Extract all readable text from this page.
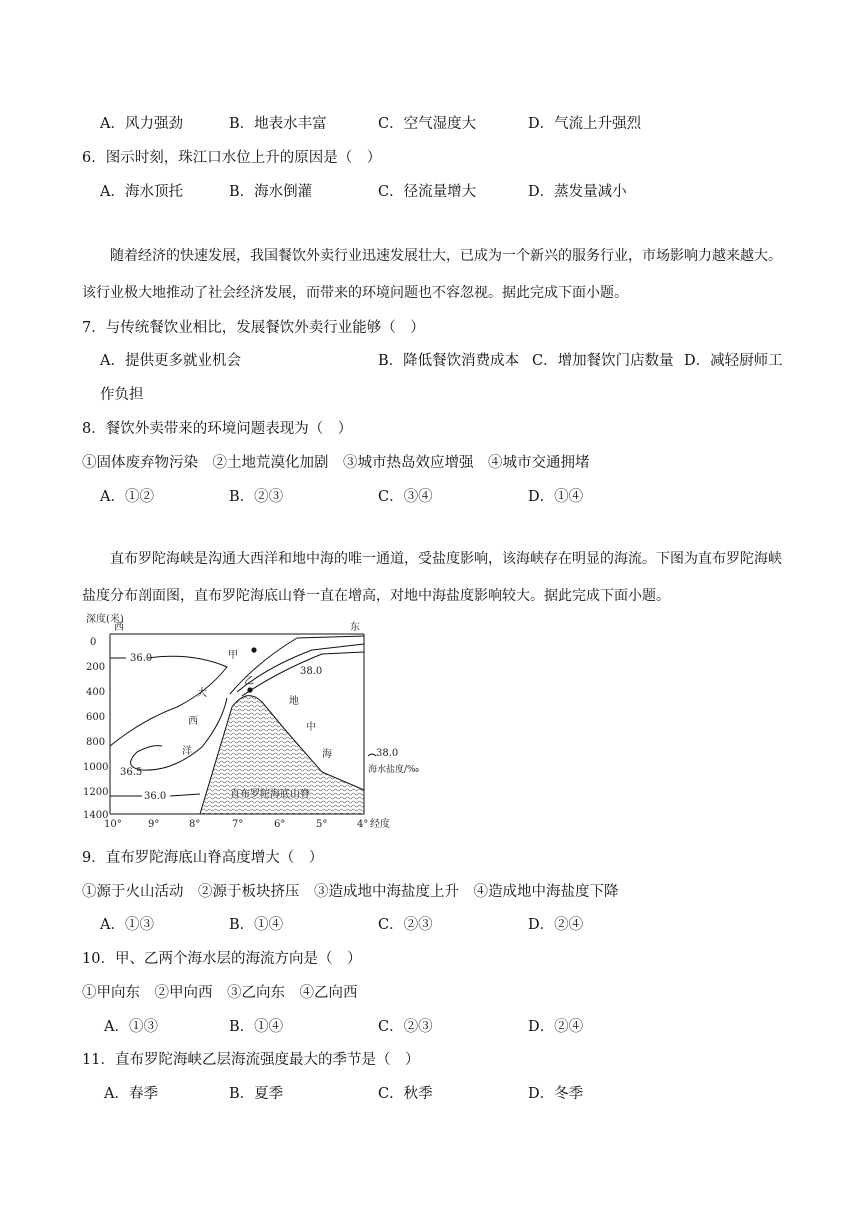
A．风力强劲	B．地表水丰富	C．空气湿度大	D．气流上升强烈
6．图示时刻，珠江口水位上升的原因是（　）
A．海水顶托	B．海水倒灌	C．径流量增大	D．蒸发量减小
随着经济的快速发展，我国餐饮外卖行业迅速发展壮大，已成为一个新兴的服务行业，市场影响力越来越大。该行业极大地推动了社会经济发展，而带来的环境问题也不容忽视。据此完成下面小题。
7．与传统餐饮业相比，发展餐饮外卖行业能够（　）
A．提供更多就业机会	B．降低餐饮消费成本 C．增加餐饮门店数量 D．减轻厨师工
作负担
8．餐饮外卖带来的环境问题表现为（　）
①固体废弃物污染　②土地荒漠化加剧　③城市热岛效应增强　④城市交通拥堵
A．①②	B．②③	C．③④	D．①④
直布罗陀海峡是沟通大西洋和地中海的唯一通道，受盐度影响，该海峡存在明显的海流。下图为直布罗陀海峡盐度分布剖面图，直布罗陀海底山脊一直在增高，对地中海盐度影响较大。据此完成下面小题。
深度(米)
西	东
0
200
400
600
800
1000
1200
1400
10°	9°	8°	7°	6°	5°	4° 经度
直布罗陀海底山脊
36.0
36.5
36.0
38.0
甲
乙
大
西
洋
地
中
海	38.0
海水盐度/‰
9．直布罗陀海底山脊高度增大（　）
①源于火山活动　②源于板块挤压　③造成地中海盐度上升　④造成地中海盐度下降
A．①③	B．①④	C．②③	D．②④
10．甲、乙两个海水层的海流方向是（　）
①甲向东　②甲向西　③乙向东　④乙向西
A．①③	B．①④	C．②③	D．②④
11．直布罗陀海峡乙层海流强度最大的季节是（　）
A．春季	B．夏季	C．秋季	D．冬季
